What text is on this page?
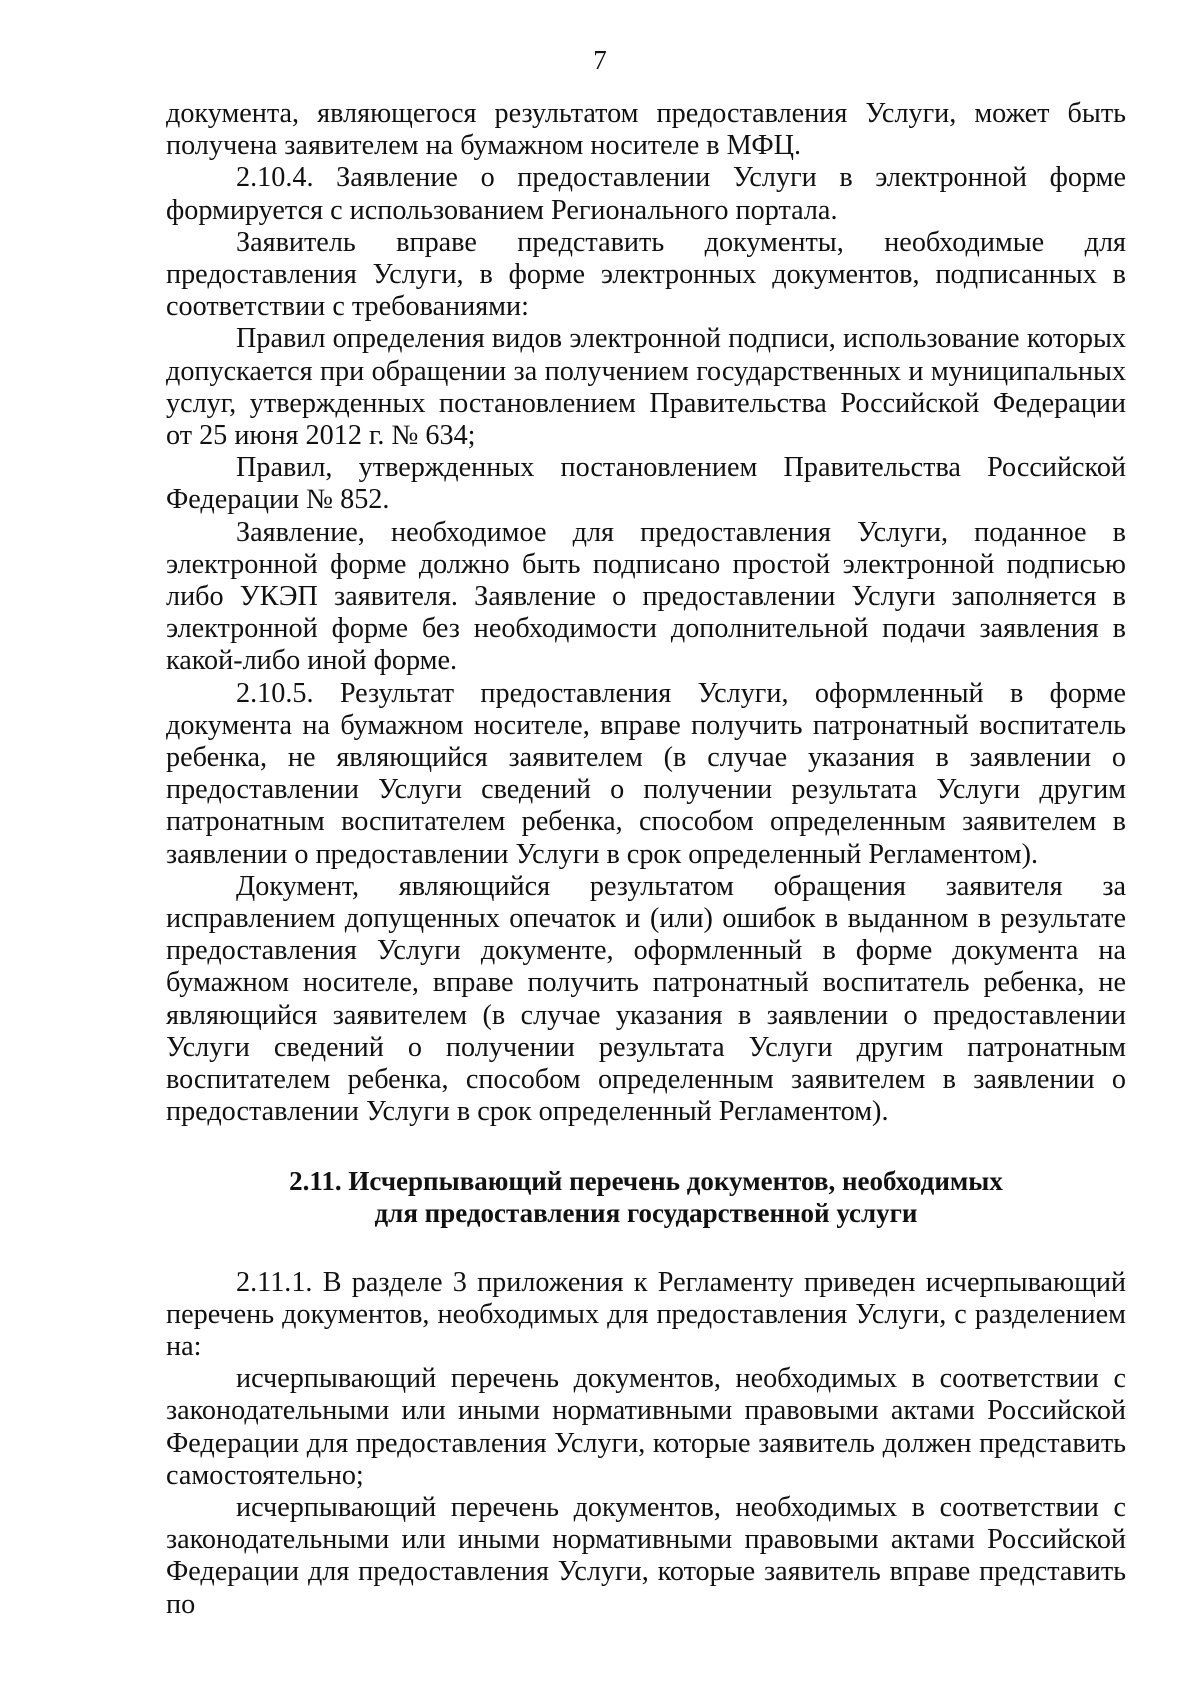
7

документа, являющегося результатом предоставления Услуги, может быть получена заявителем на бумажном носителе в МФЦ.

2.10.4. Заявление о предоставлении Услуги в электронной форме формируется с использованием Регионального портала.

Заявитель вправе представить документы, необходимые для предоставления Услуги, в форме электронных документов, подписанных в соответствии с требованиями:

Правил определения видов электронной подписи, использование которых допускается при обращении за получением государственных и муниципальных услуг, утвержденных постановлением Правительства Российской Федерации от 25 июня 2012 г. № 634;

Правил, утвержденных постановлением Правительства Российской Федерации № 852.

Заявление, необходимое для предоставления Услуги, поданное в электронной форме должно быть подписано простой электронной подписью либо УКЭП заявителя. Заявление о предоставлении Услуги заполняется в электронной форме без необходимости дополнительной подачи заявления в какой-либо иной форме.

2.10.5. Результат предоставления Услуги, оформленный в форме документа на бумажном носителе, вправе получить патронатный воспитатель ребенка, не являющийся заявителем (в случае указания в заявлении о предоставлении Услуги сведений о получении результата Услуги другим патронатным воспитателем ребенка, способом определенным заявителем в заявлении о предоставлении Услуги в срок определенный Регламентом).

Документ, являющийся результатом обращения заявителя за исправлением допущенных опечаток и (или) ошибок в выданном в результате предоставления Услуги документе, оформленный в форме документа на бумажном носителе, вправе получить патронатный воспитатель ребенка, не являющийся заявителем (в случае указания в заявлении о предоставлении Услуги сведений о получении результата Услуги другим патронатным воспитателем ребенка, способом определенным заявителем в заявлении о предоставлении Услуги в срок определенный Регламентом).

2.11. Исчерпывающий перечень документов, необходимых
для предоставления государственной услуги

2.11.1. В разделе 3 приложения к Регламенту приведен исчерпывающий перечень документов, необходимых для предоставления Услуги, с разделением на:

исчерпывающий перечень документов, необходимых в соответствии с законодательными или иными нормативными правовыми актами Российской Федерации для предоставления Услуги, которые заявитель должен представить самостоятельно;

исчерпывающий перечень документов, необходимых в соответствии с законодательными или иными нормативными правовыми актами Российской Федерации для предоставления Услуги, которые заявитель вправе представить по
